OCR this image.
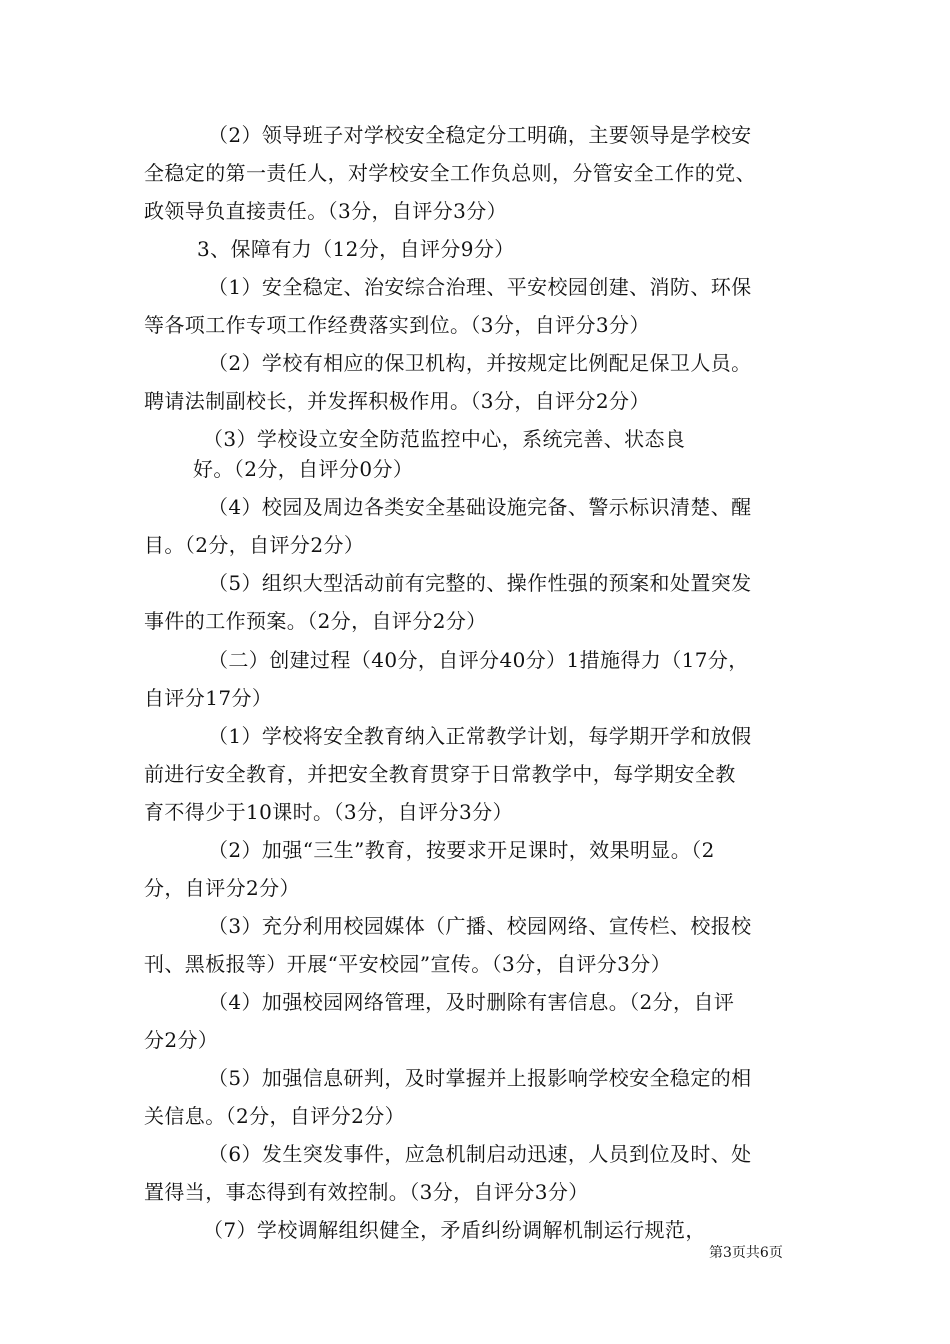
（2）领导班子对学校安全稳定分工明确，主要领导是学校安
全稳定的第一责任人，对学校安全工作负总则，分管安全工作的党、
政领导负直接责任。（3分，自评分3分）
3、保障有力（12分，自评分9分）
（1）安全稳定、治安综合治理、平安校园创建、消防、环保
等各项工作专项工作经费落实到位。（3分，自评分3分）
（2）学校有相应的保卫机构，并按规定比例配足保卫人员。
聘请法制副校长，并发挥积极作用。（3分，自评分2分）
（3）学校设立安全防范监控中心，系统完善、状态良
好。（2分，自评分0分）
（4）校园及周边各类安全基础设施完备、警示标识清楚、醒
目。（2分，自评分2分）
（5）组织大型活动前有完整的、操作性强的预案和处置突发
事件的工作预案。（2分，自评分2分）
（二）创建过程（40分，自评分40分）1措施得力（17分，
自评分17分）
（1）学校将安全教育纳入正常教学计划，每学期开学和放假
前进行安全教育，并把安全教育贯穿于日常教学中，每学期安全教
育不得少于10课时。（3分，自评分3分）
（2）加强“三生”教育，按要求开足课时，效果明显。（2
分，自评分2分）
（3）充分利用校园媒体（广播、校园网络、宣传栏、校报校
刊、黑板报等）开展“平安校园”宣传。（3分，自评分3分）
（4）加强校园网络管理，及时删除有害信息。（2分，自评
分2分）
（5）加强信息研判，及时掌握并上报影响学校安全稳定的相
关信息。（2分，自评分2分）
（6）发生突发事件，应急机制启动迅速，人员到位及时、处
置得当，事态得到有效控制。（3分，自评分3分）
（7）学校调解组织健全，矛盾纠纷调解机制运行规范，
第3页共6页
